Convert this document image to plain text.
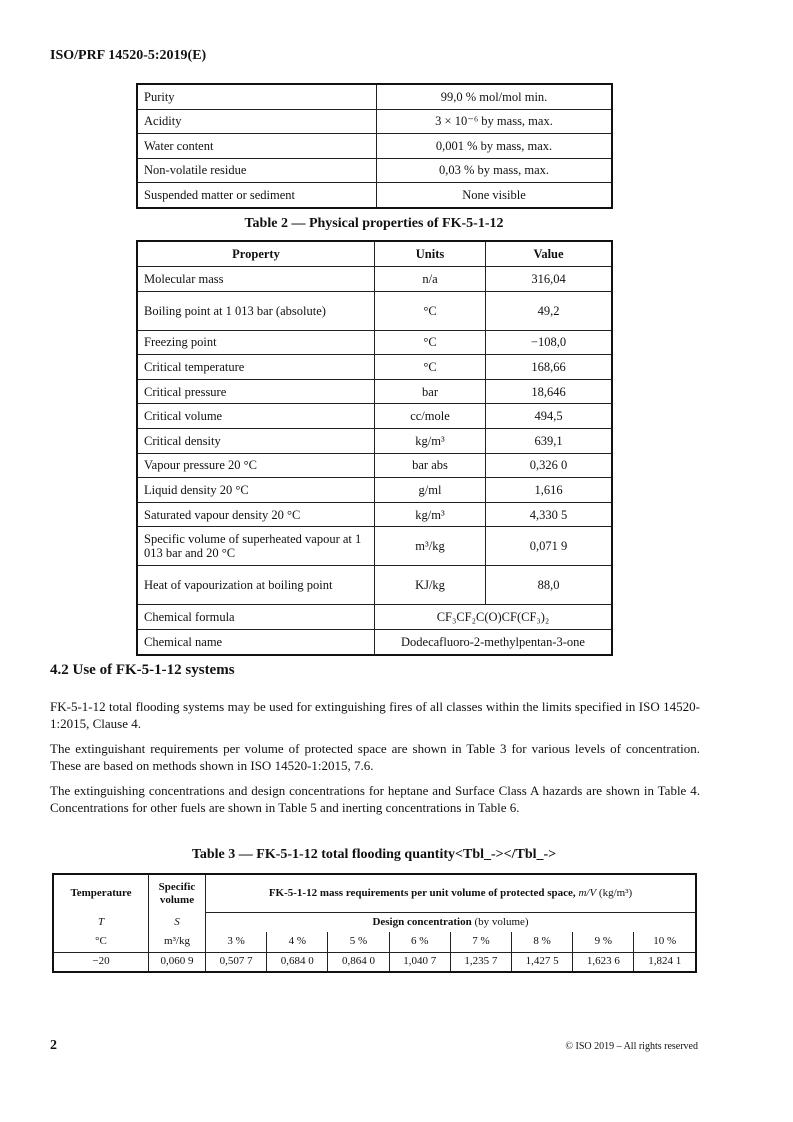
ISO/PRF 14520-5:2019(E)
Purity	99,0 % mol/mol min.
Acidity	3 × 10⁻⁶ by mass, max.
Water content	0,001 % by mass, max.
Non-volatile residue	0,03 % by mass, max.
Suspended matter or sediment	None visible
Table 2 — Physical properties of FK-5-1-12
Property	Units	Value
Molecular mass	n/a	316,04
Boiling point at 1 013 bar (absolute)	°C	49,2
Freezing point	°C	−108,0
Critical temperature	°C	168,66
Critical pressure	bar	18,646
Critical volume	cc/mole	494,5
Critical density	kg/m³	639,1
Vapour pressure 20 °C	bar abs	0,326 0
Liquid density 20 °C	g/ml	1,616
Saturated vapour density 20 °C	kg/m³	4,330 5
Specific volume of superheated vapour at 1 013 bar and 20 °C	m³/kg	0,071 9
Heat of vapourization at boiling point	KJ/kg	88,0
Chemical formula	CF₃CF₂C(O)CF(CF₃)₂	
Chemical name	Dodecafluoro-2-methylpentan-3-one	
4.2 Use of FK-5-1-12 systems

FK-5-1-12 total flooding systems may be used for extinguishing fires of all classes within the limits specified in ISO 14520-1:2015, Clause 4.

The extinguishant requirements per volume of protected space are shown in Table 3 for various levels of concentration. These are based on methods shown in ISO 14520-1:2015, 7.6.

The extinguishing concentrations and design concentrations for heptane and Surface Class A hazards are shown in Table 4. Concentrations for other fuels are shown in Table 5 and inerting concentrations in Table 6.

Table 3 — FK-5-1-12 total flooding quantity<Tbl_-></Tbl_->
Temperature	Specific volume	FK-5-1-12 mass requirements per unit volume of protected space, m/V (kg/m³)							
T	S	Design concentration (by volume)							
°C	m³/kg	3 %	4 %	5 %	6 %	7 %	8 %	9 %	10 %
−20	0,060 9	0,507 7	0,684 0	0,864 0	1,040 7	1,235 7	1,427 5	1,623 6	1,824 1
2	© ISO 2019 – All rights reserved
